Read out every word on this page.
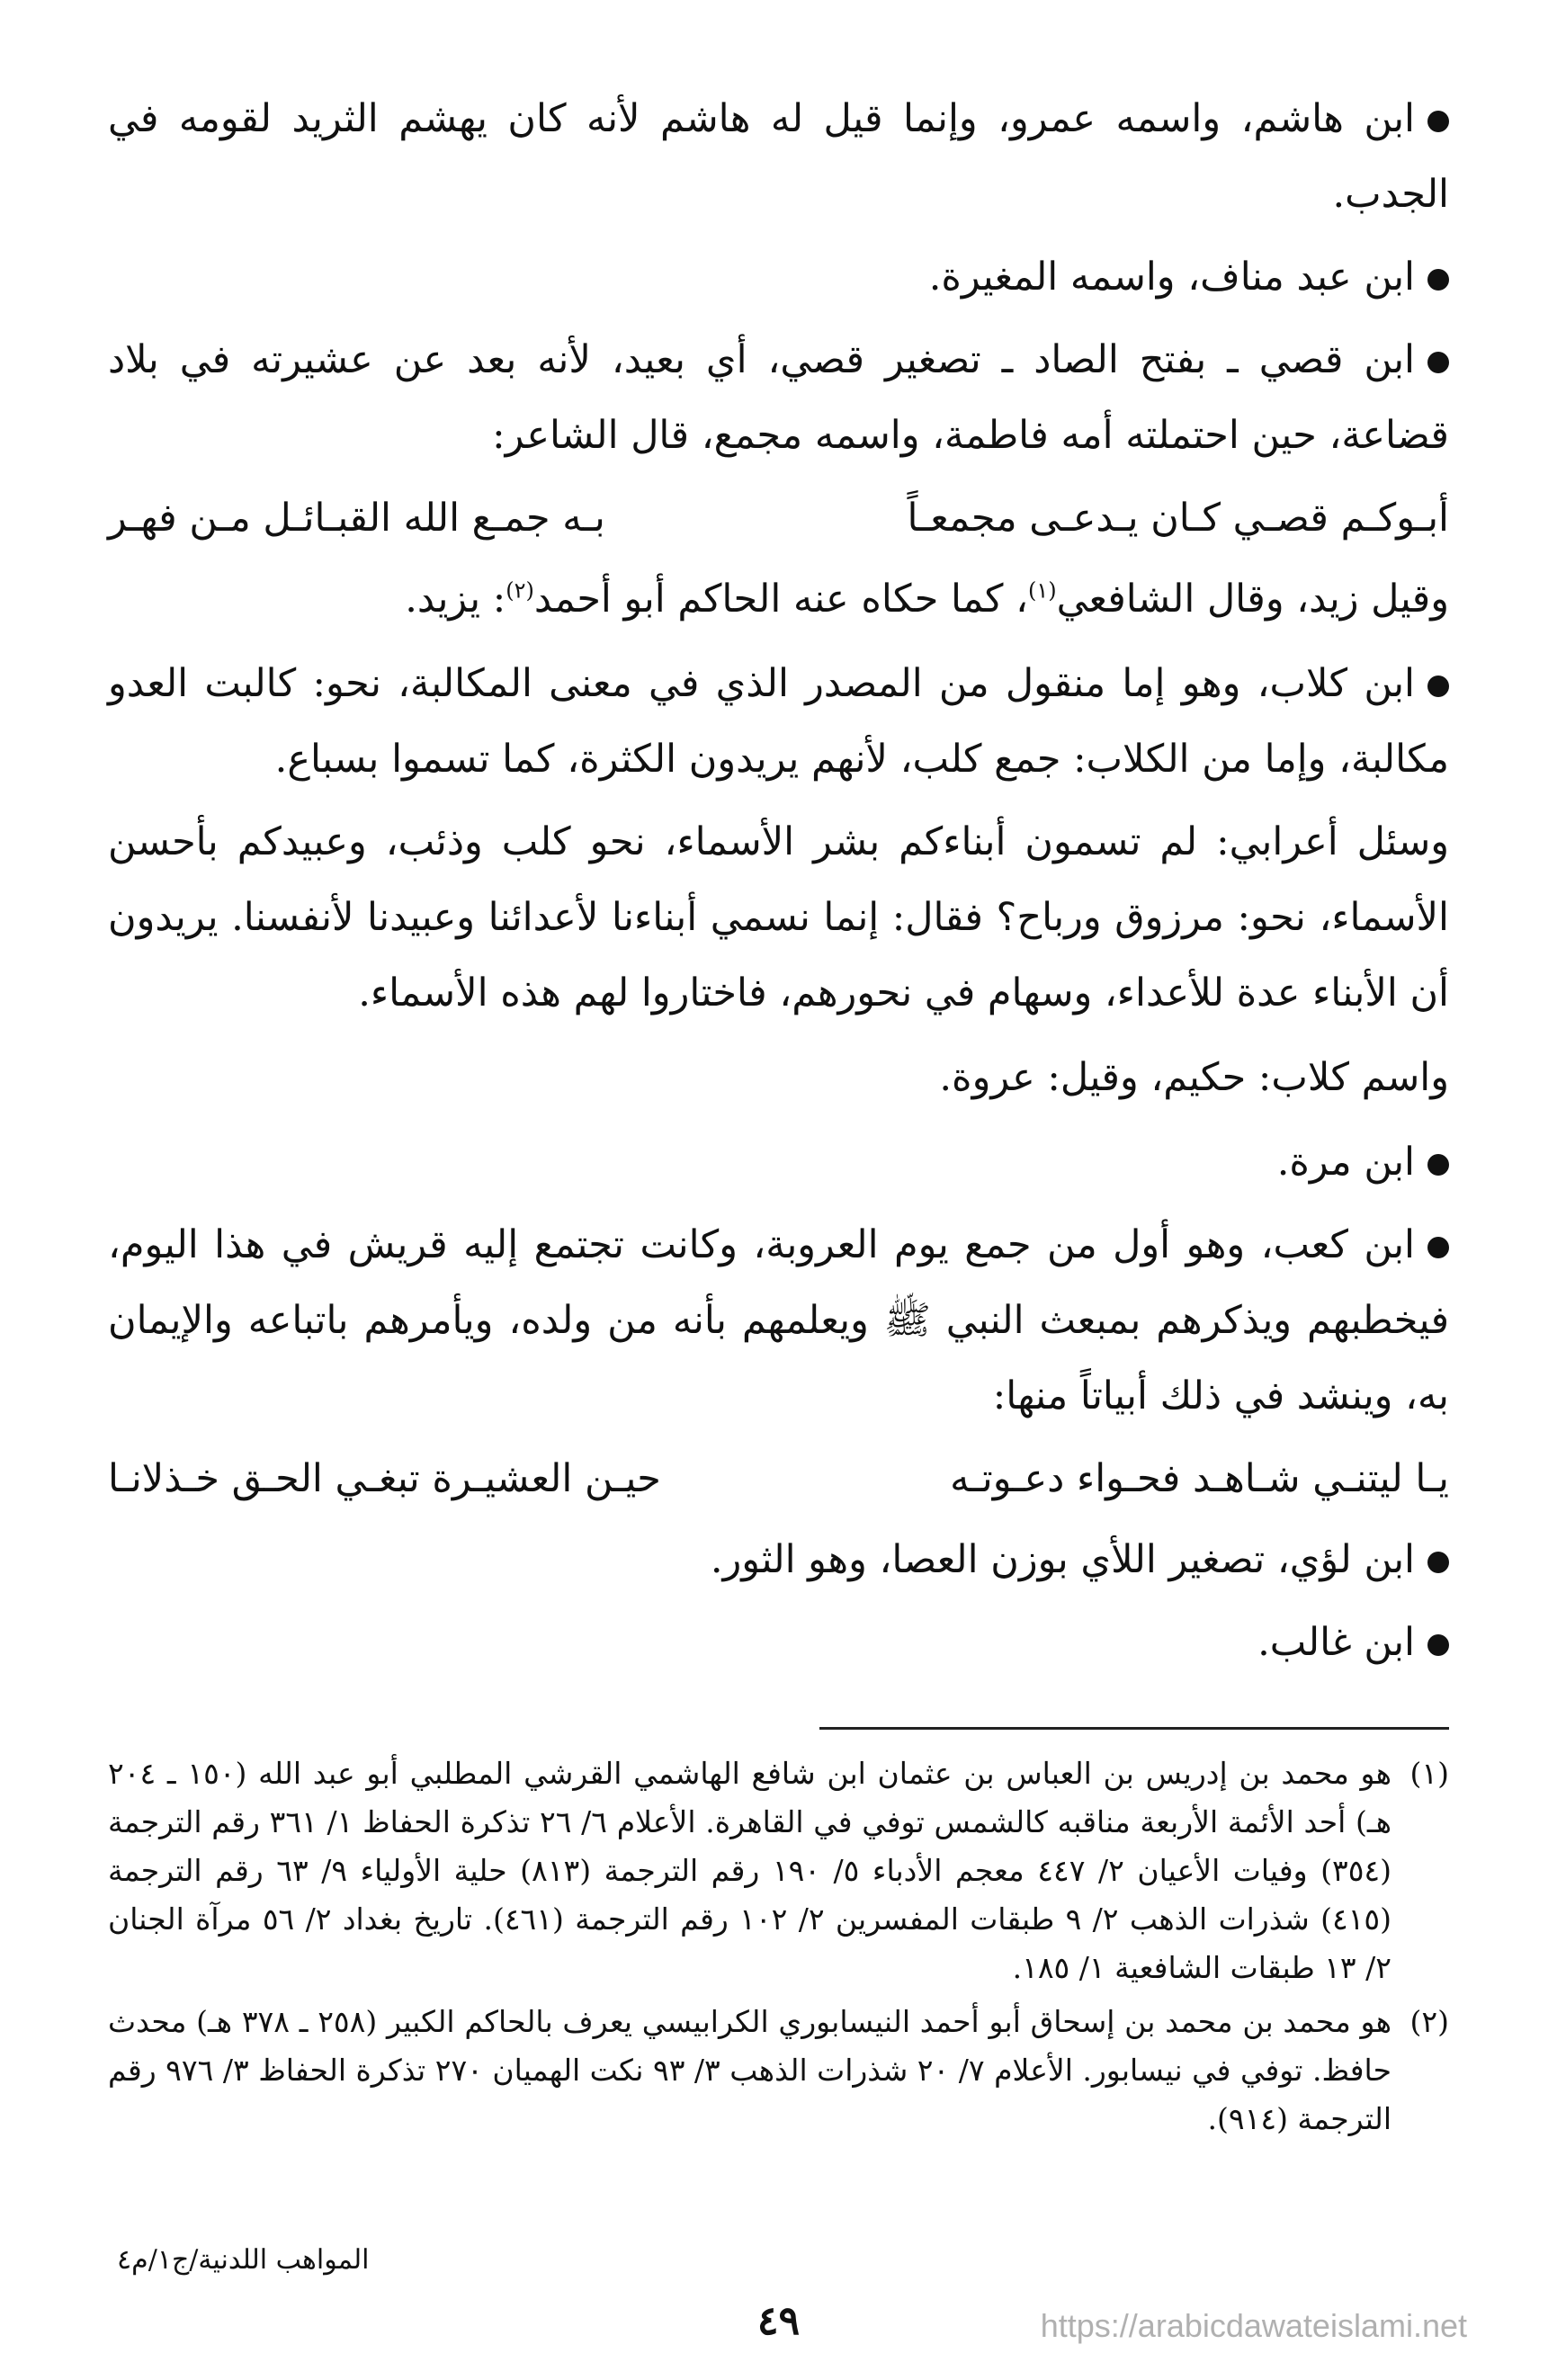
ابن هاشم، واسمه عمرو، وإنما قيل له هاشم لأنه كان يهشم الثريد لقومه في الجدب.

ابن عبد مناف، واسمه المغيرة.

ابن قصي ـ بفتح الصاد ـ تصغير قصي، أي بعيد، لأنه بعد عن عشيرته في بلاد قضاعة، حين احتملته أمه فاطمة، واسمه مجمع، قال الشاعر:

أبـوكـم قصـي كـان يـدعـى مجمعـاً
بـه جمـع الله القبـائـل مـن فهـر

وقيل زيد، وقال الشافعي$^{(١)}$، كما حكاه عنه الحاكم أبو أحمد$^{(٢)}$: يزيد.

ابن كلاب، وهو إما منقول من المصدر الذي في معنى المكالبة، نحو: كالبت العدو مكالبة، وإما من الكلاب: جمع كلب، لأنهم يريدون الكثرة، كما تسموا بسباع.

وسئل أعرابي: لم تسمون أبناءكم بشر الأسماء، نحو كلب وذئب، وعبيدكم بأحسن الأسماء، نحو: مرزوق ورباح؟ فقال: إنما نسمي أبناءنا لأعدائنا وعبيدنا لأنفسنا. يريدون أن الأبناء عدة للأعداء، وسهام في نحورهم، فاختاروا لهم هذه الأسماء.

واسم كلاب: حكيم، وقيل: عروة.

ابن مرة.

ابن كعب، وهو أول من جمع يوم العروبة، وكانت تجتمع إليه قريش في هذا اليوم، فيخطبهم ويذكرهم بمبعث النبي ﷺ ويعلمهم بأنه من ولده، ويأمرهم باتباعه والإيمان به، وينشد في ذلك أبياتاً منها:

يـا ليتنـي شـاهـد فحـواء دعـوتـه
حيـن العشيـرة تبغـي الحـق خـذلانـا

ابن لؤي، تصغير اللأي بوزن العصا، وهو الثور.

ابن غالب.

(١)
هو محمد بن إدريس بن العباس بن عثمان ابن شافع الهاشمي القرشي المطلبي أبو عبد الله (١٥٠ ـ ٢٠٤ هـ) أحد الأئمة الأربعة مناقبه كالشمس توفي في القاهرة. الأعلام ٦/ ٢٦ تذكرة الحفاظ ١/ ٣٦١ رقم الترجمة (٣٥٤) وفيات الأعيان ٢/ ٤٤٧ معجم الأدباء ٥/ ١٩٠ رقم الترجمة (٨١٣) حلية الأولياء ٩/ ٦٣ رقم الترجمة (٤١٥) شذرات الذهب ٢/ ٩ طبقات المفسرين ٢/ ١٠٢ رقم الترجمة (٤٦١). تاريخ بغداد ٢/ ٥٦ مرآة الجنان ٢/ ١٣ طبقات الشافعية ١/ ١٨٥.
(٢)
هو محمد بن محمد بن إسحاق أبو أحمد النيسابوري الكرابيسي يعرف بالحاكم الكبير (٢٥٨ ـ ٣٧٨ هـ) محدث حافظ. توفي في نيسابور. الأعلام ٧/ ٢٠ شذرات الذهب ٣/ ٩٣ نكت الهميان ٢٧٠ تذكرة الحفاظ ٣/ ٩٧٦ رقم الترجمة (٩١٤).
المواهب اللدنية/ج١/م٤
٤٩	https://arabicdawateislami.net
